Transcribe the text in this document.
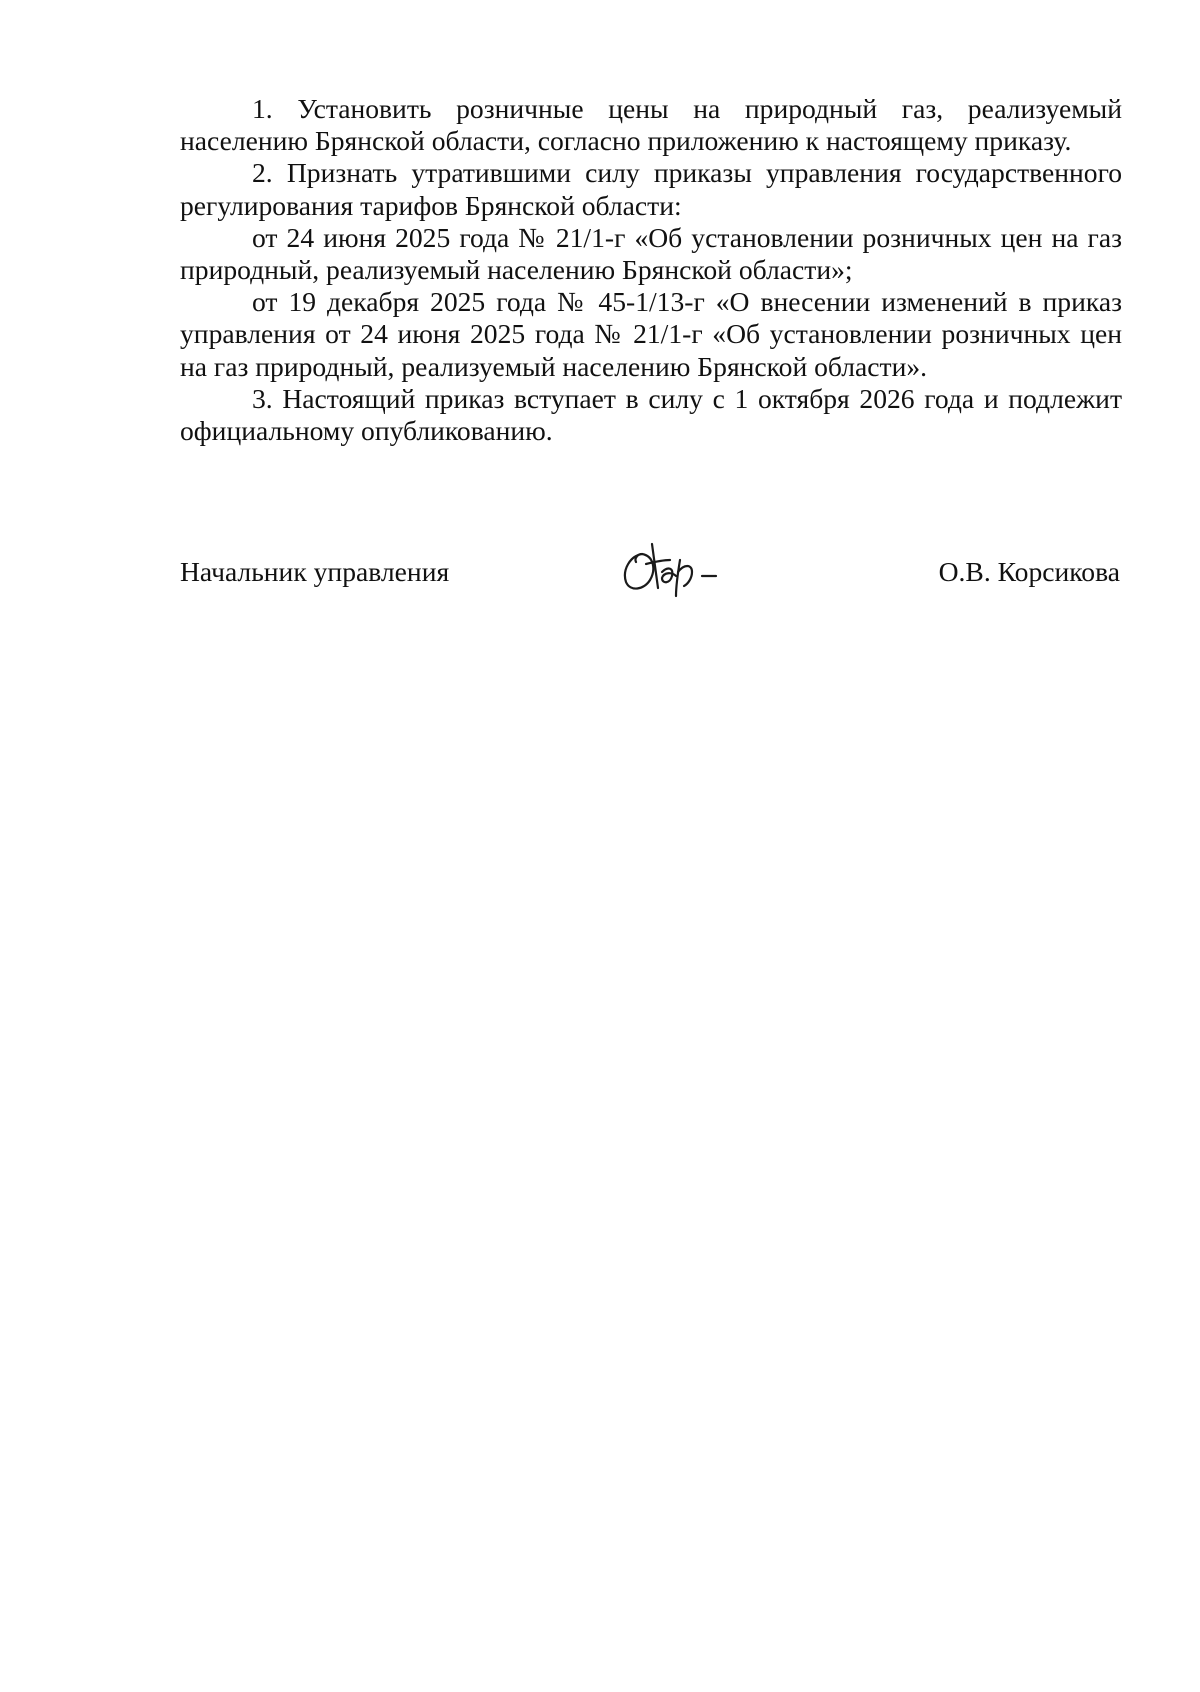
1. Установить розничные цены на природный газ, реализуемый населению Брянской области, согласно приложению к настоящему приказу.

2. Признать утратившими силу приказы управления государственного регулирования тарифов Брянской области:

от 24 июня 2025 года № 21/1-г «Об установлении розничных цен на газ природный, реализуемый населению Брянской области»;

от 19 декабря 2025 года № 45-1/13-г «О внесении изменений в приказ управления от 24 июня 2025 года № 21/1-г «Об установлении розничных цен на газ природный, реализуемый населению Брянской области».

3. Настоящий приказ вступает в силу с 1 октября 2026 года и подлежит официальному опубликованию.

Начальник управления	О.В. Корсикова
